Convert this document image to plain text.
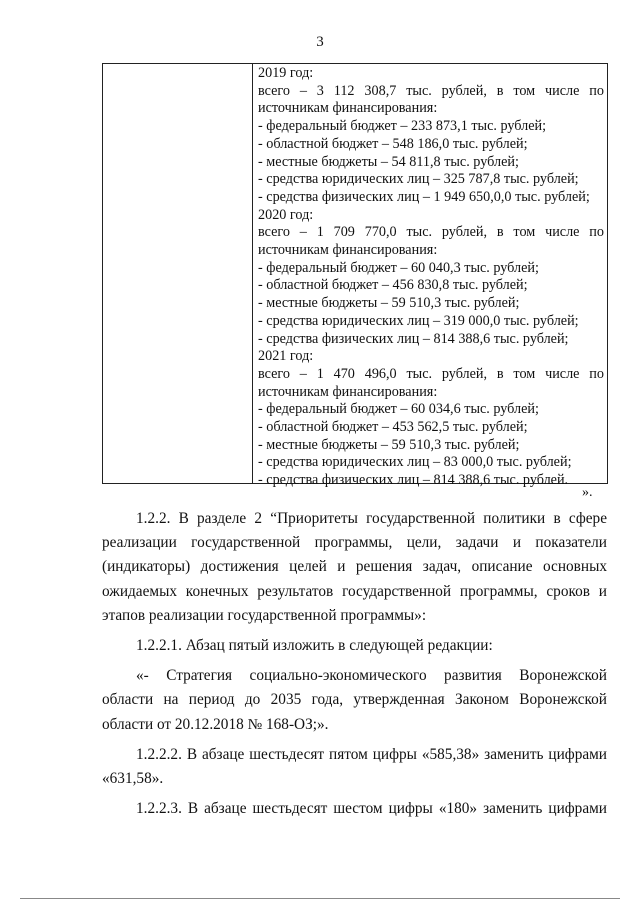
3
2019 год:
всего – 3 112 308,7 тыс. рублей, в том числе по
источникам финансирования:
- федеральный бюджет – 233 873,1 тыс. рублей;
- областной бюджет – 548 186,0 тыс. рублей;
- местные бюджеты – 54 811,8 тыс. рублей;
- средства юридических лиц – 325 787,8 тыс. рублей;
- средства физических лиц – 1 949 650,0,0 тыс. рублей;
2020 год:
всего – 1 709 770,0 тыс. рублей, в том числе по
источникам финансирования:
- федеральный бюджет – 60 040,3 тыс. рублей;
- областной бюджет – 456 830,8 тыс. рублей;
- местные бюджеты – 59 510,3 тыс. рублей;
- средства юридических лиц – 319 000,0 тыс. рублей;
- средства физических лиц – 814 388,6 тыс. рублей;
2021 год:
всего – 1 470 496,0 тыс. рублей, в том числе по
источникам финансирования:
- федеральный бюджет – 60 034,6 тыс. рублей;
- областной бюджет – 453 562,5 тыс. рублей;
- местные бюджеты – 59 510,3 тыс. рублей;
- средства юридических лиц – 83 000,0 тыс. рублей;
- средства физических лиц – 814 388,6 тыс. рублей.
».

1.2.2. В разделе 2 “Приоритеты государственной политики в сфере
реализации государственной программы, цели, задачи и показатели
(индикаторы) достижения целей и решения задач, описание основных
ожидаемых конечных результатов государственной программы, сроков и
этапов реализации государственной программы»:

1.2.2.1. Абзац пятый изложить в следующей редакции:

«- Стратегия социально-экономического развития Воронежской
области на период до 2035 года, утвержденная Законом Воронежской
области от 20.12.2018 № 168-ОЗ;».

1.2.2.2. В абзаце шестьдесят пятом цифры «585,38» заменить цифрами
«631,58».

1.2.2.3. В абзаце шестьдесят шестом цифры «180» заменить цифрами
